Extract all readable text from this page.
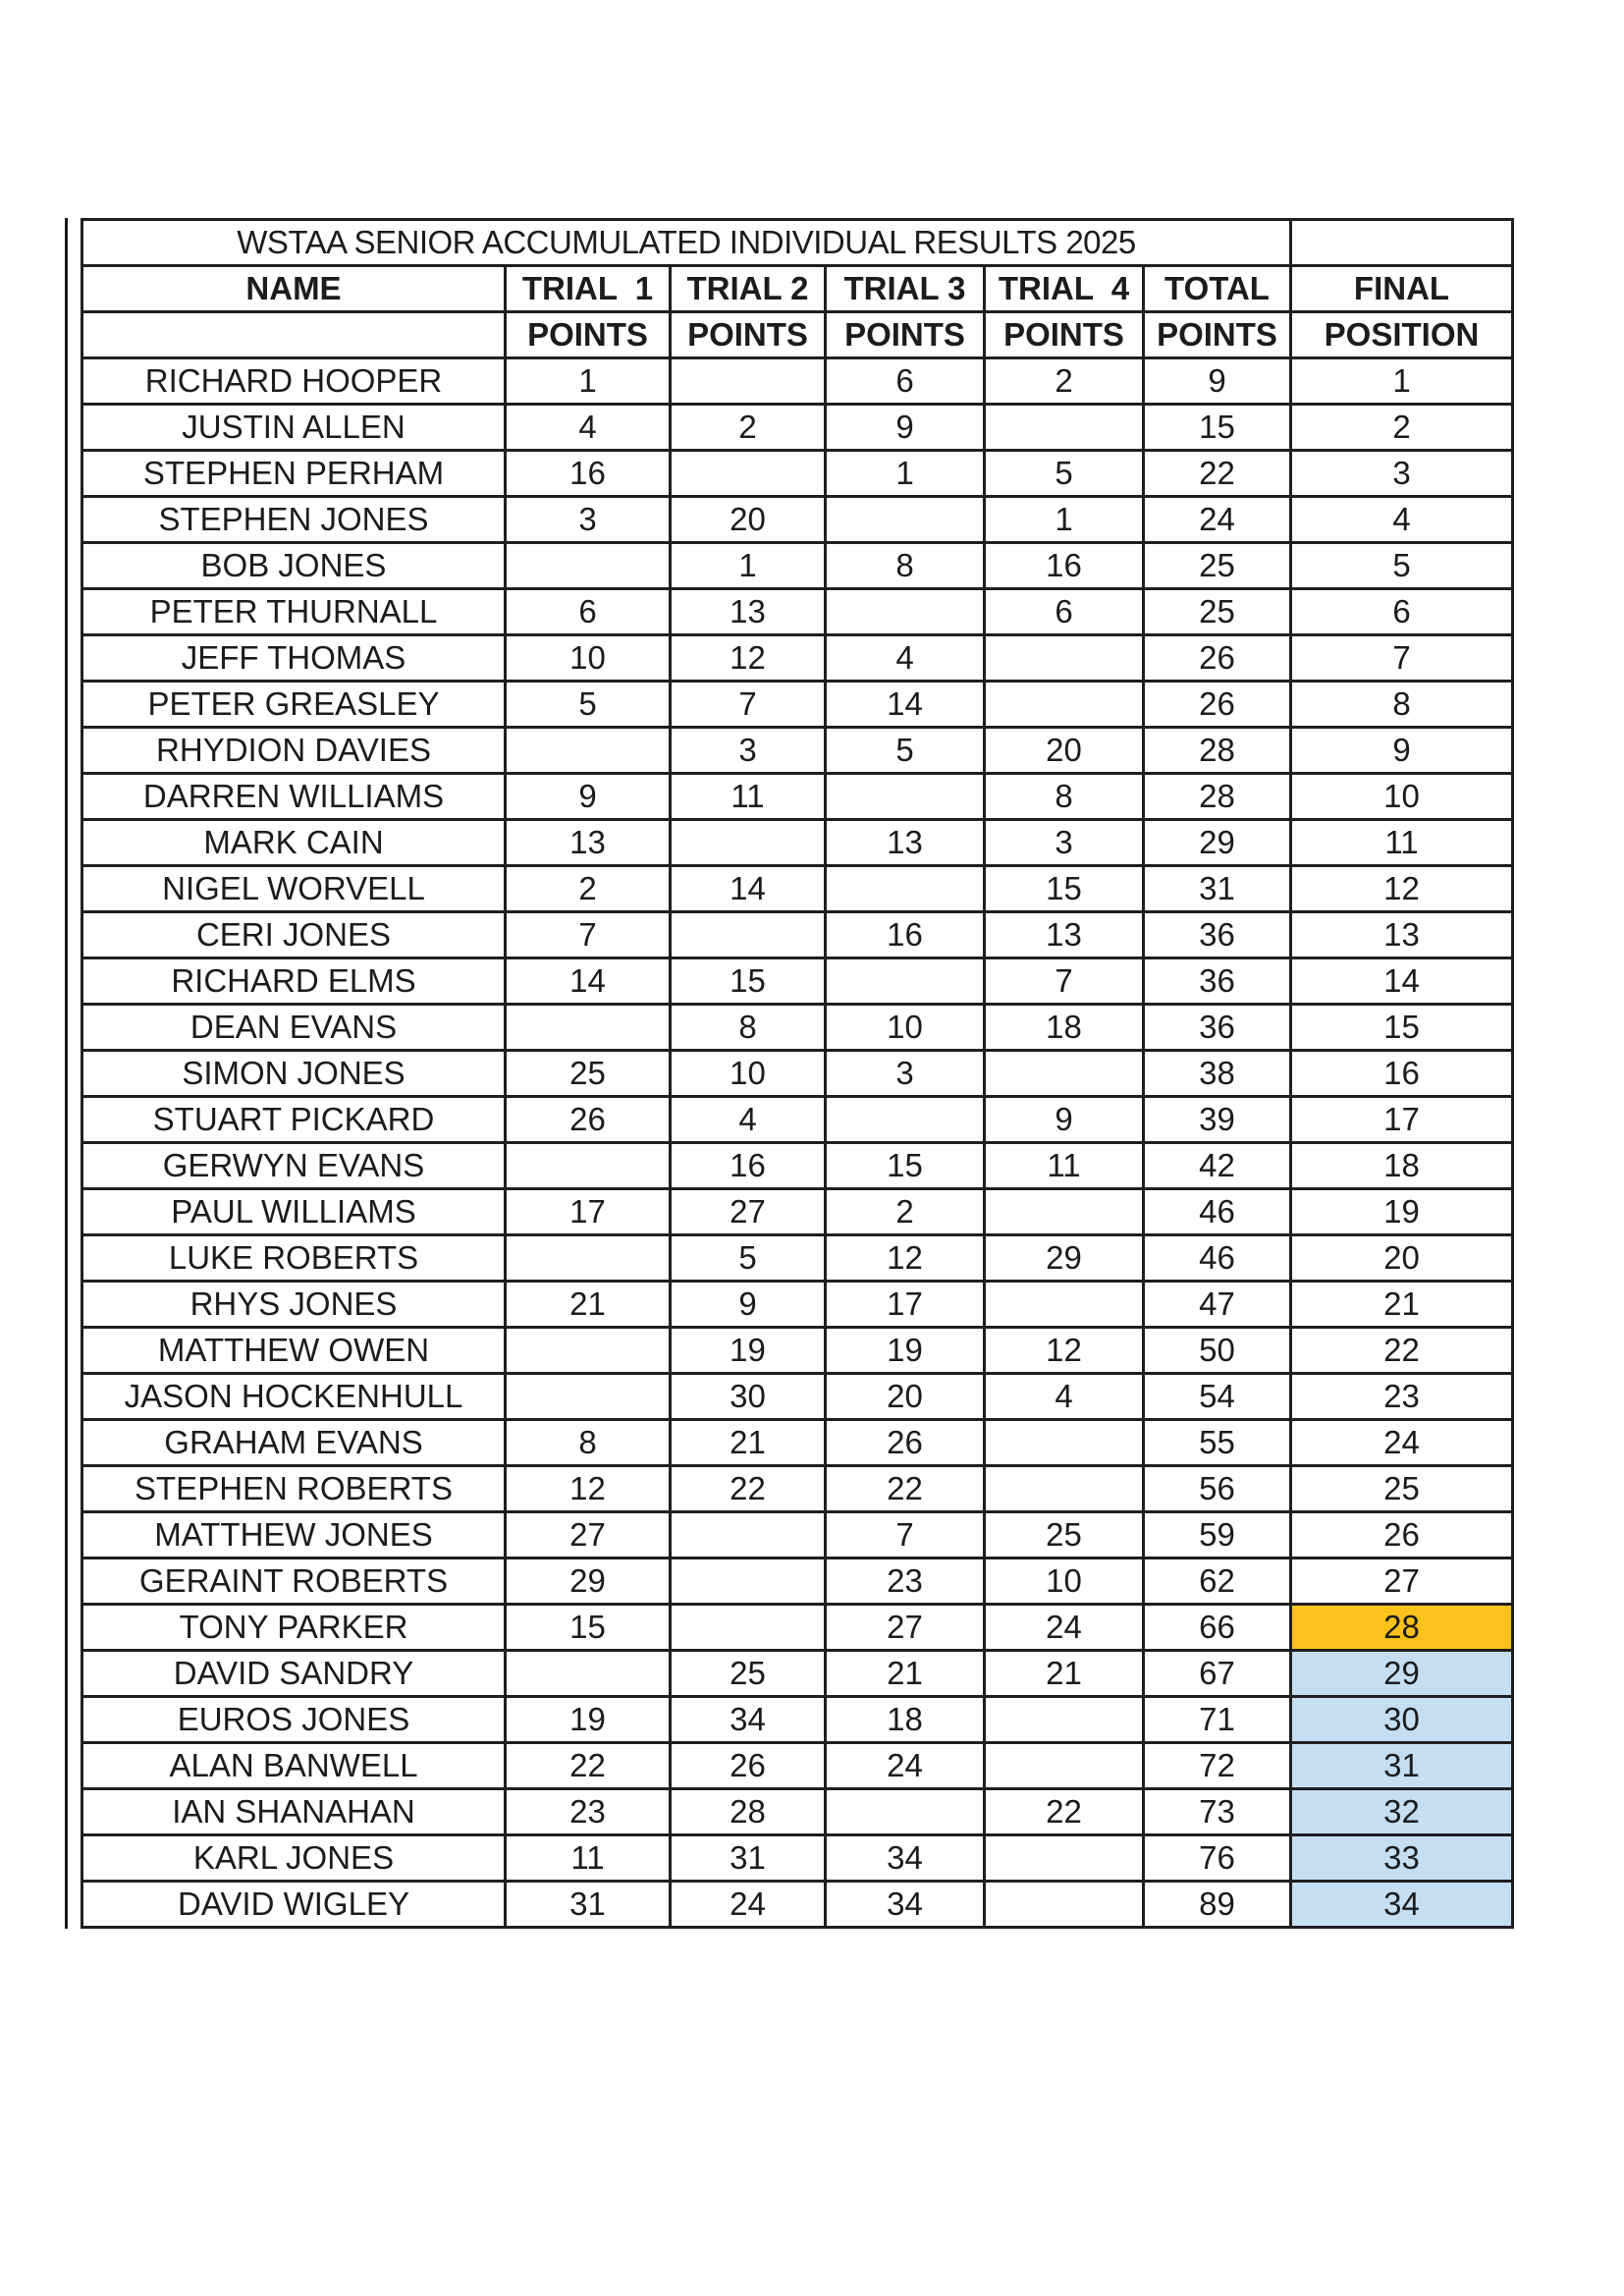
WSTAA SENIOR ACCUMULATED INDIVIDUAL RESULTS 2025						
NAME	TRIAL  1	TRIAL 2	TRIAL 3	TRIAL  4	TOTAL	FINAL
	POINTS	POINTS	POINTS	POINTS	POINTS	POSITION
RICHARD HOOPER	1		6	2	9	1
JUSTIN ALLEN	4	2	9		15	2
STEPHEN PERHAM	16		1	5	22	3
STEPHEN JONES	3	20		1	24	4
BOB JONES		1	8	16	25	5
PETER THURNALL	6	13		6	25	6
JEFF THOMAS	10	12	4		26	7
PETER GREASLEY	5	7	14		26	8
RHYDION DAVIES		3	5	20	28	9
DARREN WILLIAMS	9	11		8	28	10
MARK CAIN	13		13	3	29	11
NIGEL WORVELL	2	14		15	31	12
CERI JONES	7		16	13	36	13
RICHARD ELMS	14	15		7	36	14
DEAN EVANS		8	10	18	36	15
SIMON JONES	25	10	3		38	16
STUART PICKARD	26	4		9	39	17
GERWYN EVANS		16	15	11	42	18
PAUL WILLIAMS	17	27	2		46	19
LUKE ROBERTS		5	12	29	46	20
RHYS JONES	21	9	17		47	21
MATTHEW OWEN		19	19	12	50	22
JASON HOCKENHULL		30	20	4	54	23
GRAHAM EVANS	8	21	26		55	24
STEPHEN ROBERTS	12	22	22		56	25
MATTHEW JONES	27		7	25	59	26
GERAINT ROBERTS	29		23	10	62	27
TONY PARKER	15		27	24	66	28
DAVID SANDRY		25	21	21	67	29
EUROS JONES	19	34	18		71	30
ALAN BANWELL	22	26	24		72	31
IAN SHANAHAN	23	28		22	73	32
KARL JONES	11	31	34		76	33
DAVID WIGLEY	31	24	34		89	34
